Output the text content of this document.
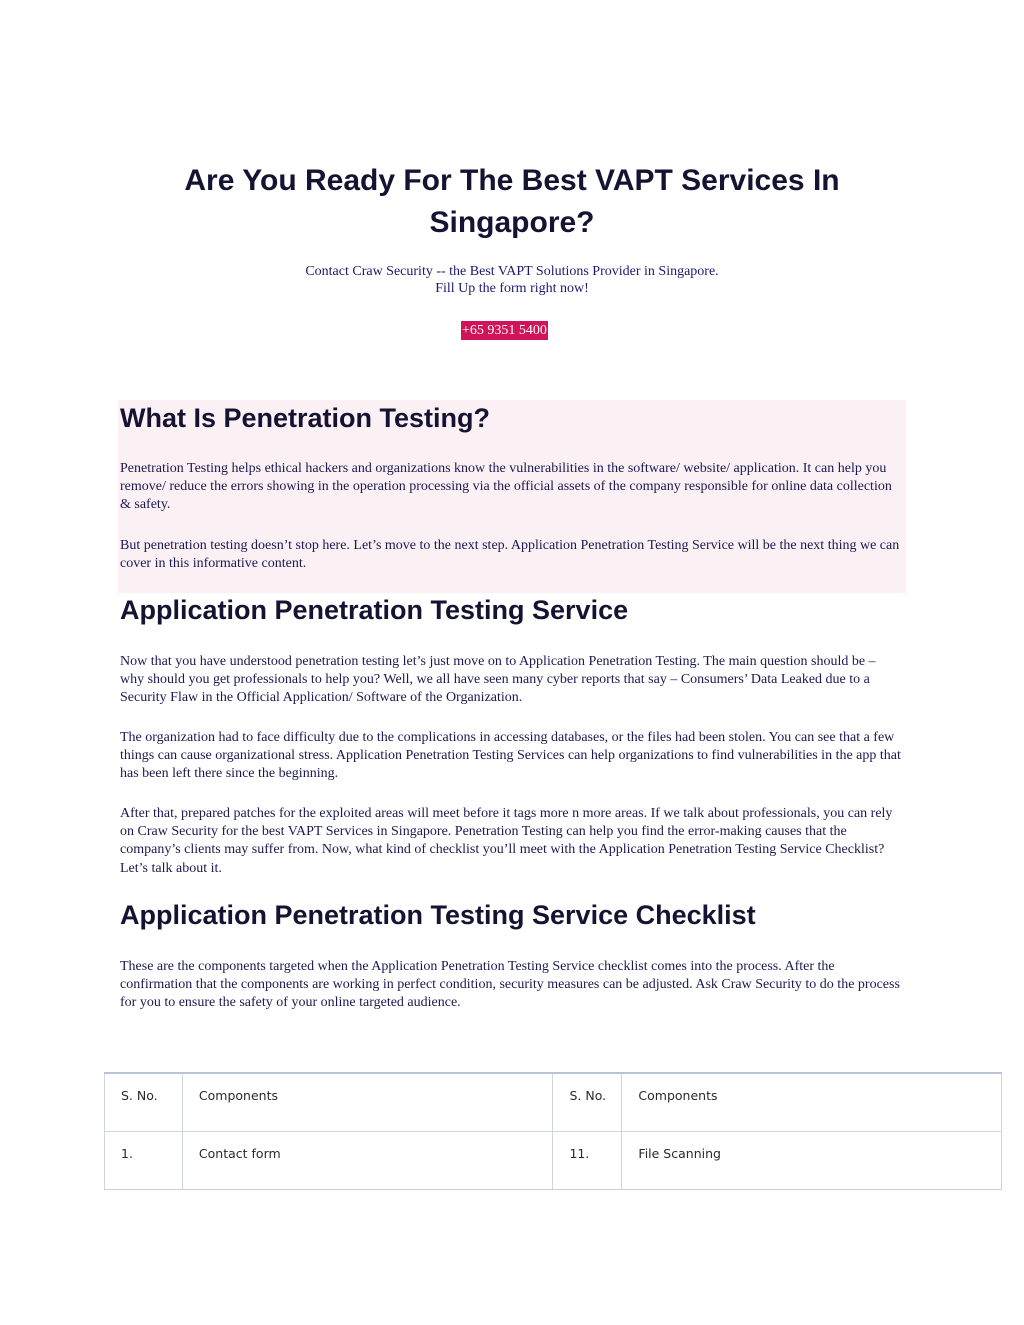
Are You Ready For The Best VAPT Services In
Singapore?
Contact Craw Security -- the Best VAPT Solutions Provider in Singapore.
Fill Up the form right now!
+65 9351 5400
What Is Penetration Testing?

Penetration Testing helps ethical hackers and organizations know the vulnerabilities in the software/ website/ application. It can help you remove/ reduce the errors showing in the operation processing via the official assets of the company responsible for online data collection & safety.

But penetration testing doesn’t stop here. Let’s move to the next step. Application Penetration Testing Service will be the next thing we can cover in this informative content.

Application Penetration Testing Service

Now that you have understood penetration testing let’s just move on to Application Penetration Testing. The main question should be – why should you get professionals to help you? Well, we all have seen many cyber reports that say – Consumers’ Data Leaked due to a Security Flaw in the Official Application/ Software of the Organization.

The organization had to face difficulty due to the complications in accessing databases, or the files had been stolen. You can see that a few things can cause organizational stress. Application Penetration Testing Services can help organizations to find vulnerabilities in the app that has been left there since the beginning.

After that, prepared patches for the exploited areas will meet before it tags more n more areas. If we talk about professionals, you can rely on Craw Security for the best VAPT Services in Singapore. Penetration Testing can help you find the error-making causes that the company’s clients may suffer from. Now, what kind of checklist you’ll meet with the Application Penetration Testing Service Checklist? Let’s talk about it.

Application Penetration Testing Service Checklist

These are the components targeted when the Application Penetration Testing Service checklist comes into the process. After the confirmation that the components are working in perfect condition, security measures can be adjusted. Ask Craw Security to do the process for you to ensure the safety of your online targeted audience.

S. No.	Components	S. No.	Components
1.	Contact form	11.	File Scanning
